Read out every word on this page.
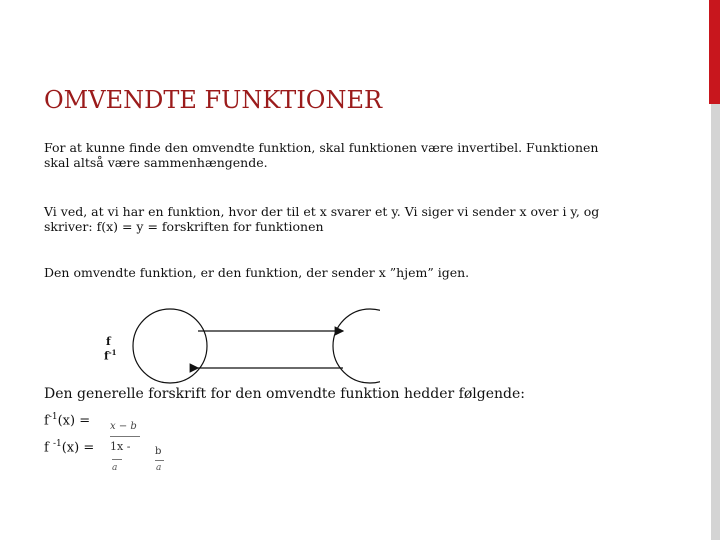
OMVENDTE FUNKTIONER

For at kunne finde den omvendte funktion, skal funktionen være invertibel. Funktionen skal altså være sammenhængende.

Vi ved, at vi har en funktion, hvor der til et x svarer et y. Vi siger vi sender x over i y, og skriver: f(x) = y = forskriften for funktionen

Den omvendte funktion, er den funktion, der sender x ”hjem” igen.

f
$f^{-1}$

Den generelle forskrift for den omvendte funktion hedder følgende:

$f^{-1}(x) = x - b$
f $^{-1}$(x) = 1x -
a
b
a
